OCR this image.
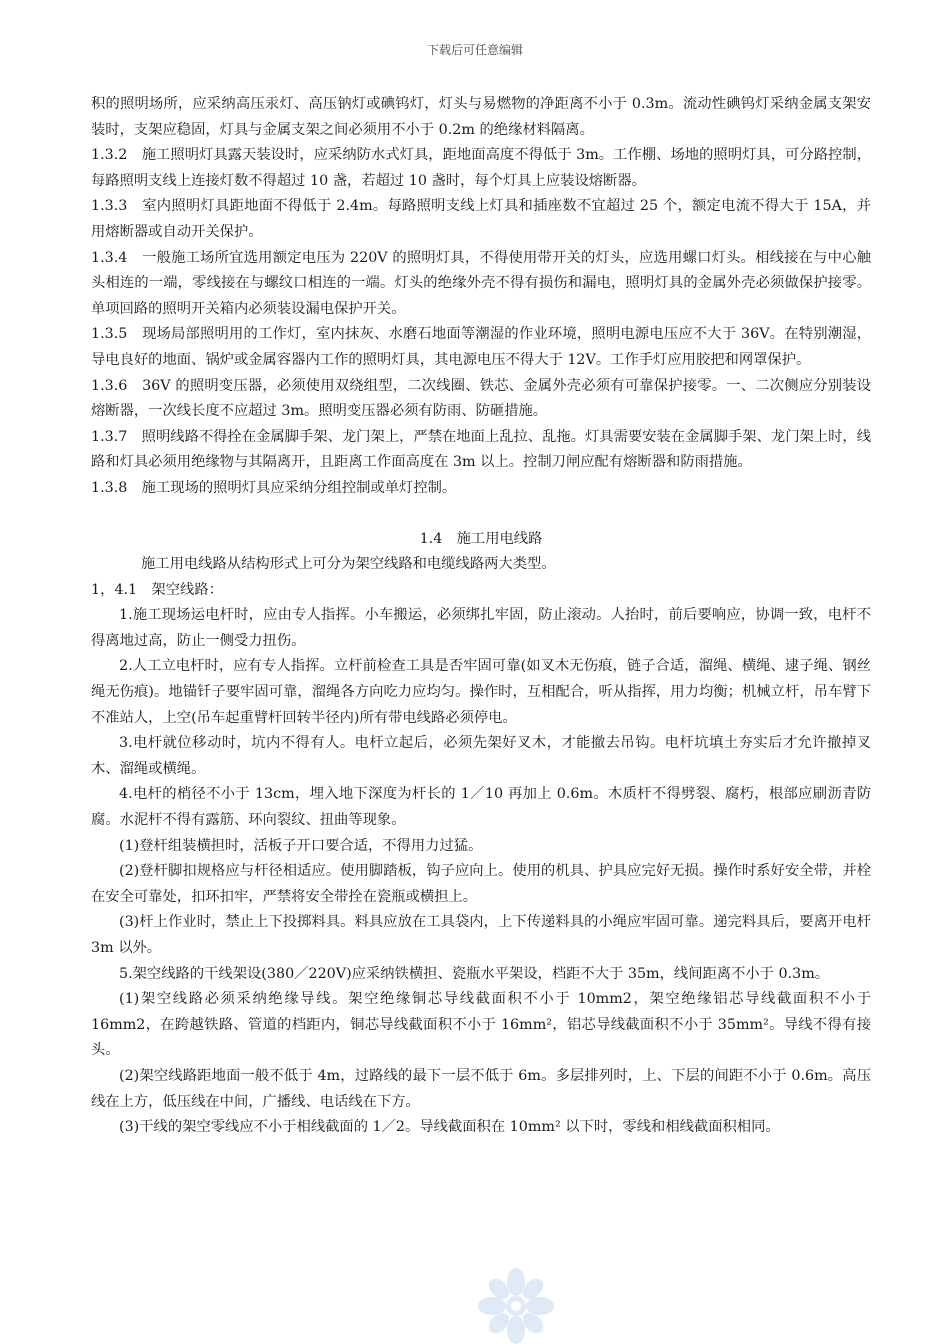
下载后可任意编辑

积的照明场所，应采纳高压汞灯、高压钠灯或碘钨灯，灯头与易燃物的净距离不小于 0.3m。流动性碘钨灯采纳金属支架安装时，支架应稳固，灯具与金属支架之间必须用不小于 0.2m 的绝缘材料隔离。

1.3.2　施工照明灯具露天装设时，应采纳防水式灯具，距地面高度不得低于 3m。工作棚、场地的照明灯具，可分路控制，每路照明支线上连接灯数不得超过 10 盏，若超过 10 盏时，每个灯具上应装设熔断器。

1.3.3　室内照明灯具距地面不得低于 2.4m。每路照明支线上灯具和插座数不宜超过 25 个，额定电流不得大于 15A，并用熔断器或自动开关保护。

1.3.4　一般施工场所宜选用额定电压为 220V 的照明灯具，不得使用带开关的灯头，应选用螺口灯头。相线接在与中心触头相连的一端，零线接在与螺纹口相连的一端。灯头的绝缘外壳不得有损伤和漏电，照明灯具的金属外壳必须做保护接零。单项回路的照明开关箱内必须装设漏电保护开关。

1.3.5　现场局部照明用的工作灯，室内抹灰、水磨石地面等潮湿的作业环境，照明电源电压应不大于 36V。在特别潮湿，导电良好的地面、锅炉或金属容器内工作的照明灯具，其电源电压不得大于 12V。工作手灯应用胶把和网罩保护。

1.3.6　36V 的照明变压器，必须使用双绕组型，二次线圈、铁芯、金属外壳必须有可靠保护接零。一、二次侧应分别装设熔断器，一次线长度不应超过 3m。照明变压器必须有防雨、防砸措施。

1.3.7　照明线路不得拴在金属脚手架、龙门架上，严禁在地面上乱拉、乱拖。灯具需要安装在金属脚手架、龙门架上时，线路和灯具必须用绝缘物与其隔离开，且距离工作面高度在 3m 以上。控制刀闸应配有熔断器和防雨措施。

1.3.8　施工现场的照明灯具应采纳分组控制或单灯控制。

1.4　施工用电线路

施工用电线路从结构形式上可分为架空线路和电缆线路两大类型。

1，4.1　架空线路：

1.施工现场运电杆时，应由专人指挥。小车搬运，必须绑扎牢固，防止滚动。人抬时，前后要响应，协调一致，电杆不得离地过高，防止一侧受力扭伤。

2.人工立电杆时，应有专人指挥。立杆前检查工具是否牢固可靠(如叉木无伤痕，链子合适，溜绳、横绳、逮子绳、钢丝绳无伤痕)。地锚钎子要牢固可靠，溜绳各方向吃力应均匀。操作时，互相配合，听从指挥，用力均衡；机械立杆，吊车臂下不准站人，上空(吊车起重臂杆回转半径内)所有带电线路必须停电。

3.电杆就位移动时，坑内不得有人。电杆立起后，必须先架好叉木，才能撤去吊钩。电杆坑填土夯实后才允许撤掉叉木、溜绳或横绳。

4.电杆的梢径不小于 13cm，埋入地下深度为杆长的 1／10 再加上 0.6m。木质杆不得劈裂、腐朽，根部应刷沥青防腐。水泥杆不得有露筋、环向裂纹、扭曲等现象。

(1)登杆组装横担时，活板子开口要合适，不得用力过猛。

(2)登杆脚扣规格应与杆径相适应。使用脚踏板，钩子应向上。使用的机具、护具应完好无损。操作时系好安全带，并栓在安全可靠处，扣环扣牢，严禁将安全带拴在瓷瓶或横担上。

(3)杆上作业时，禁止上下投掷料具。料具应放在工具袋内，上下传递料具的小绳应牢固可靠。递完料具后，要离开电杆 3m 以外。

5.架空线路的干线架设(380／220V)应采纳铁横担、瓷瓶水平架设，档距不大于 35m，线间距离不小于 0.3m。

(1)架空线路必须采纳绝缘导线。架空绝缘铜芯导线截面积不小于 10mm2，架空绝缘铝芯导线截面积不小于 16mm2，在跨越铁路、管道的档距内，铜芯导线截面积不小于 16mm²，铝芯导线截面积不小于 35mm²。导线不得有接头。

(2)架空线路距地面一般不低于 4m，过路线的最下一层不低于 6m。多层排列时，上、下层的间距不小于 0.6m。高压线在上方，低压线在中间，广播线、电话线在下方。

(3)干线的架空零线应不小于相线截面的 1／2。导线截面积在 10mm² 以下时，零线和相线截面积相同。
